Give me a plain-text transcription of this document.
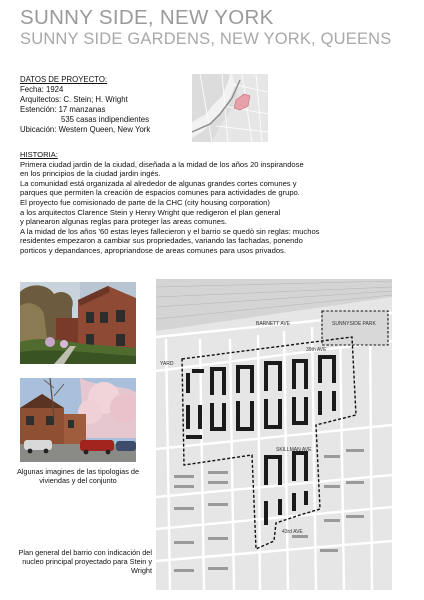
SUNNY SIDE, NEW YORK
SUNNY SIDE GARDENS, NEW YORK, QUEENS
DATOS DE PROYECTO:
Fecha: 1924
Arquitectos: C. Stein; H. Wright
Estención: 17 manzanas
535 casas indipendientes
Ubicación: Western Queen, New York
HISTORIA:
Primera ciudad jardin de la ciudad, diseñada a la midad de los años 20 inspirandose
en los principios de la ciudad jardin ingés.
La comunidad está organizada al alrededor de algunas grandes cortes comunes y
parques que permiten la creación de espacios comunes para actividades de grupo.
El proyecto fue comisionado de parte de la CHC (city housing corporation)
a los arquitectos Clarence Stein y Henry Wright que redigeron el plan general
y planearon algunas reglas para proteger las areas comunes.
A la midad de los años '60 estas leyes fallecieron y el barrio se quedò sin reglas: muchos
residentes empezaron a cambiar sus propriedades, variando las fachadas, ponendo
porticos y depandances, apropriandose de areas comunes para usos privados.
Algunas imagines de las tipologias de viviendas y del conjunto
Plan general del barrio con indicación del nucleo principal proyectado para Stein y Wright
BARNETT AVE	SUNNYSIDE PARK
39th AVE
SKILLMAN AVE
43rd AVE
YARD
